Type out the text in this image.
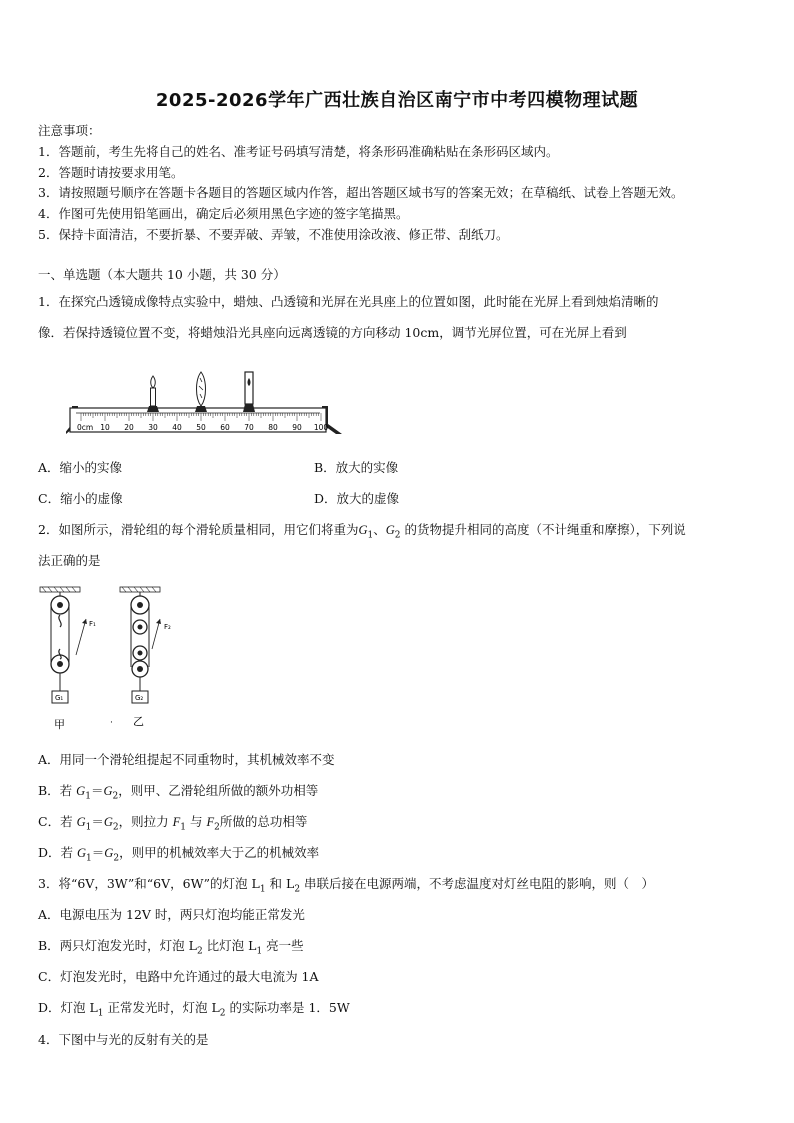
2025-2026学年广西壮族自治区南宁市中考四模物理试题
注意事项：
1．答题前，考生先将自己的姓名、准考证号码填写清楚，将条形码准确粘贴在条形码区域内。
2．答题时请按要求用笔。
3．请按照题号顺序在答题卡各题目的答题区域内作答，超出答题区域书写的答案无效；在草稿纸、试卷上答题无效。
4．作图可先使用铅笔画出，确定后必须用黑色字迹的签字笔描黑。
5．保持卡面清洁，不要折暴、不要弄破、弄皱，不准使用涂改液、修正带、刮纸刀。
一、单选题（本大题共 10 小题，共 30 分）
1．在探究凸透镜成像特点实验中，蜡烛、凸透镜和光屏在光具座上的位置如图，此时能在光屏上看到烛焰清晰的
像．若保持透镜位置不变，将蜡烛沿光具座向远离透镜的方向移动 10cm，调节光屏位置，可在光屏上看到
0cm 10 20 30 40 50 60 70 80 90 100
A．缩小的实像	B．放大的实像
C．缩小的虚像	D．放大的虚像
2．如图所示，滑轮组的每个滑轮质量相同，用它们将重为$G_1$、$G_2$ 的货物提升相同的高度（不计绳重和摩擦），下列说
法正确的是
F₁
G₁
F₂
G₂
甲	· 乙
A．用同一个滑轮组提起不同重物时，其机械效率不变
B．若 $G_1=G_2$，则甲、乙滑轮组所做的额外功相等
C．若 $G_1=G_2$，则拉力 $F_1$ 与 $F_2$所做的总功相等
D．若 $G_1=G_2$，则甲的机械效率大于乙的机械效率
3．将“6V，3W”和“6V，6W”的灯泡 $L_1$ 和 $L_2$ 串联后接在电源两端，不考虑温度对灯丝电阻的影响，则（　）
A．电源电压为 12V 时，两只灯泡均能正常发光
B．两只灯泡发光时，灯泡 $L_2$ 比灯泡 $L_1$ 亮一些
C．灯泡发光时，电路中允许通过的最大电流为 1A
D．灯泡 $L_1$ 正常发光时，灯泡 $L_2$ 的实际功率是 1．5W
4．下图中与光的反射有关的是
